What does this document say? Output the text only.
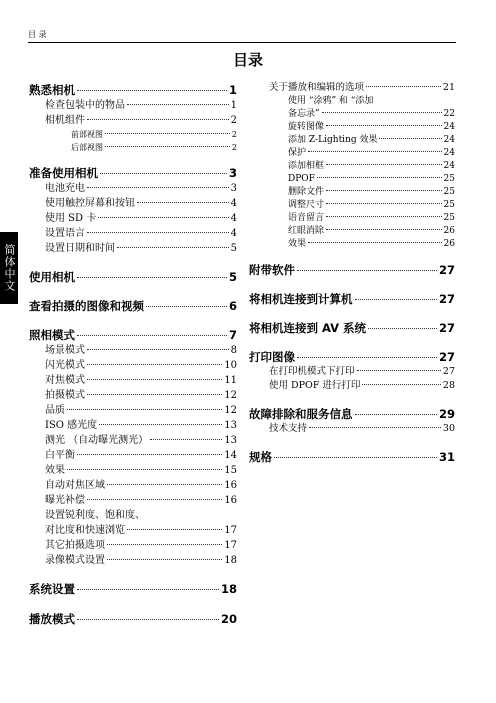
目 录
简体中文
目录
熟悉相机	1
检查包装中的物品	1
相机组件	2
前部视图	2
后部视图	2
准备使用相机	3
电池充电	3
使用触控屏幕和按钮	4
使用 SD 卡	4
设置语言	4
设置日期和时间	5
使用相机	5
查看拍摄的图像和视频	6
照相模式	7
场景模式	8
闪光模式	10
对焦模式	11
拍摄模式	12
品质	12
ISO 感光度	13
测光 （自动曝光测光）	13
白平衡	14
效果	15
自动对焦区域	16
曝光补偿	16
设置锐利度、饱和度、
对比度和快速浏览	17
其它拍摄选项	17
录像模式设置	18
系统设置	18
播放模式	20
关于播放和编辑的选项	21
使用 “涂鸦” 和 “添加
备忘录”	22
旋转图像	24
添加 Z-Lighting 效果	24
保护	24
添加相框	24
DPOF	25
删除文件	25
调整尺寸	25
语音留言	25
红眼消除	26
效果	26
附带软件	27
将相机连接到计算机	27
将相机连接到 AV 系统	27
打印图像	27
在打印机模式下打印	27
使用 DPOF 进行打印	28
故障排除和服务信息	29
技术支持	30
规格	31
